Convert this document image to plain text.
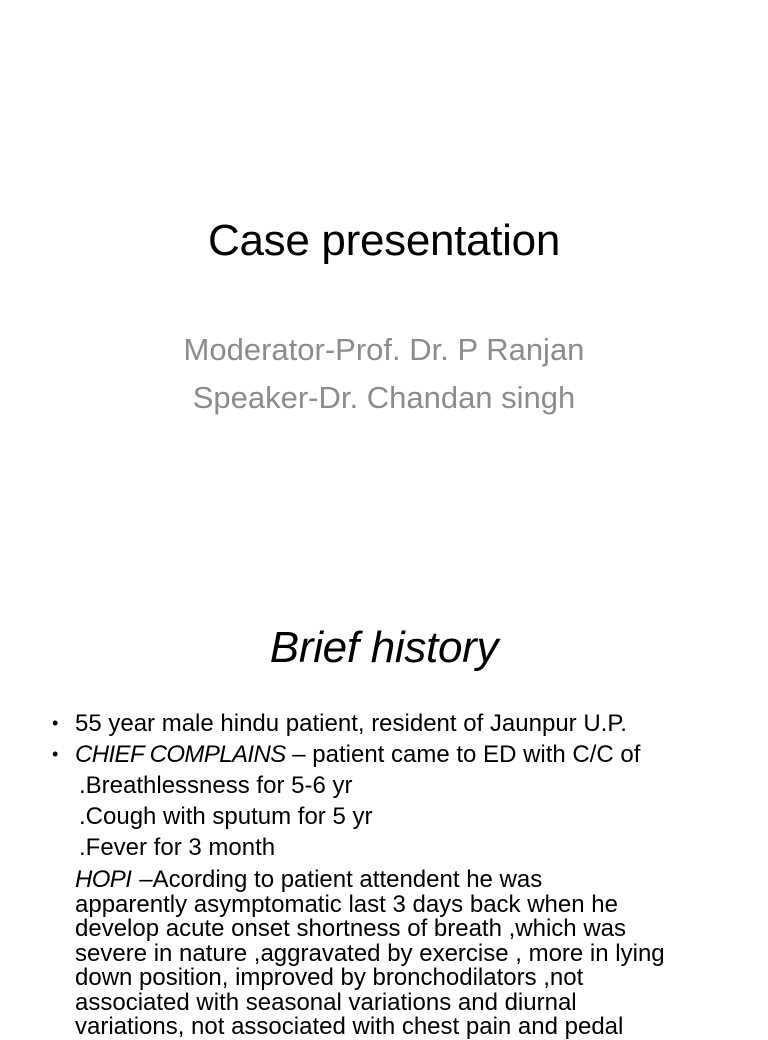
Case presentation
Moderator-Prof. Dr. P Ranjan
Speaker-Dr. Chandan singh
Brief history
• 55 year male hindu patient, resident of Jaunpur U.P.
• CHIEF COMPLAINS – patient came to ED with C/C of
.Breathlessness for 5-6 yr
.Cough with sputum for 5 yr
.Fever for 3 month
HOPI –Acording to patient attendent he was
apparently asymptomatic last 3 days back when he
develop acute onset shortness of breath ,which was
severe in nature ,aggravated by exercise , more in lying
down position, improved by bronchodilators ,not
associated with seasonal variations and diurnal
variations, not associated with chest pain and pedal
